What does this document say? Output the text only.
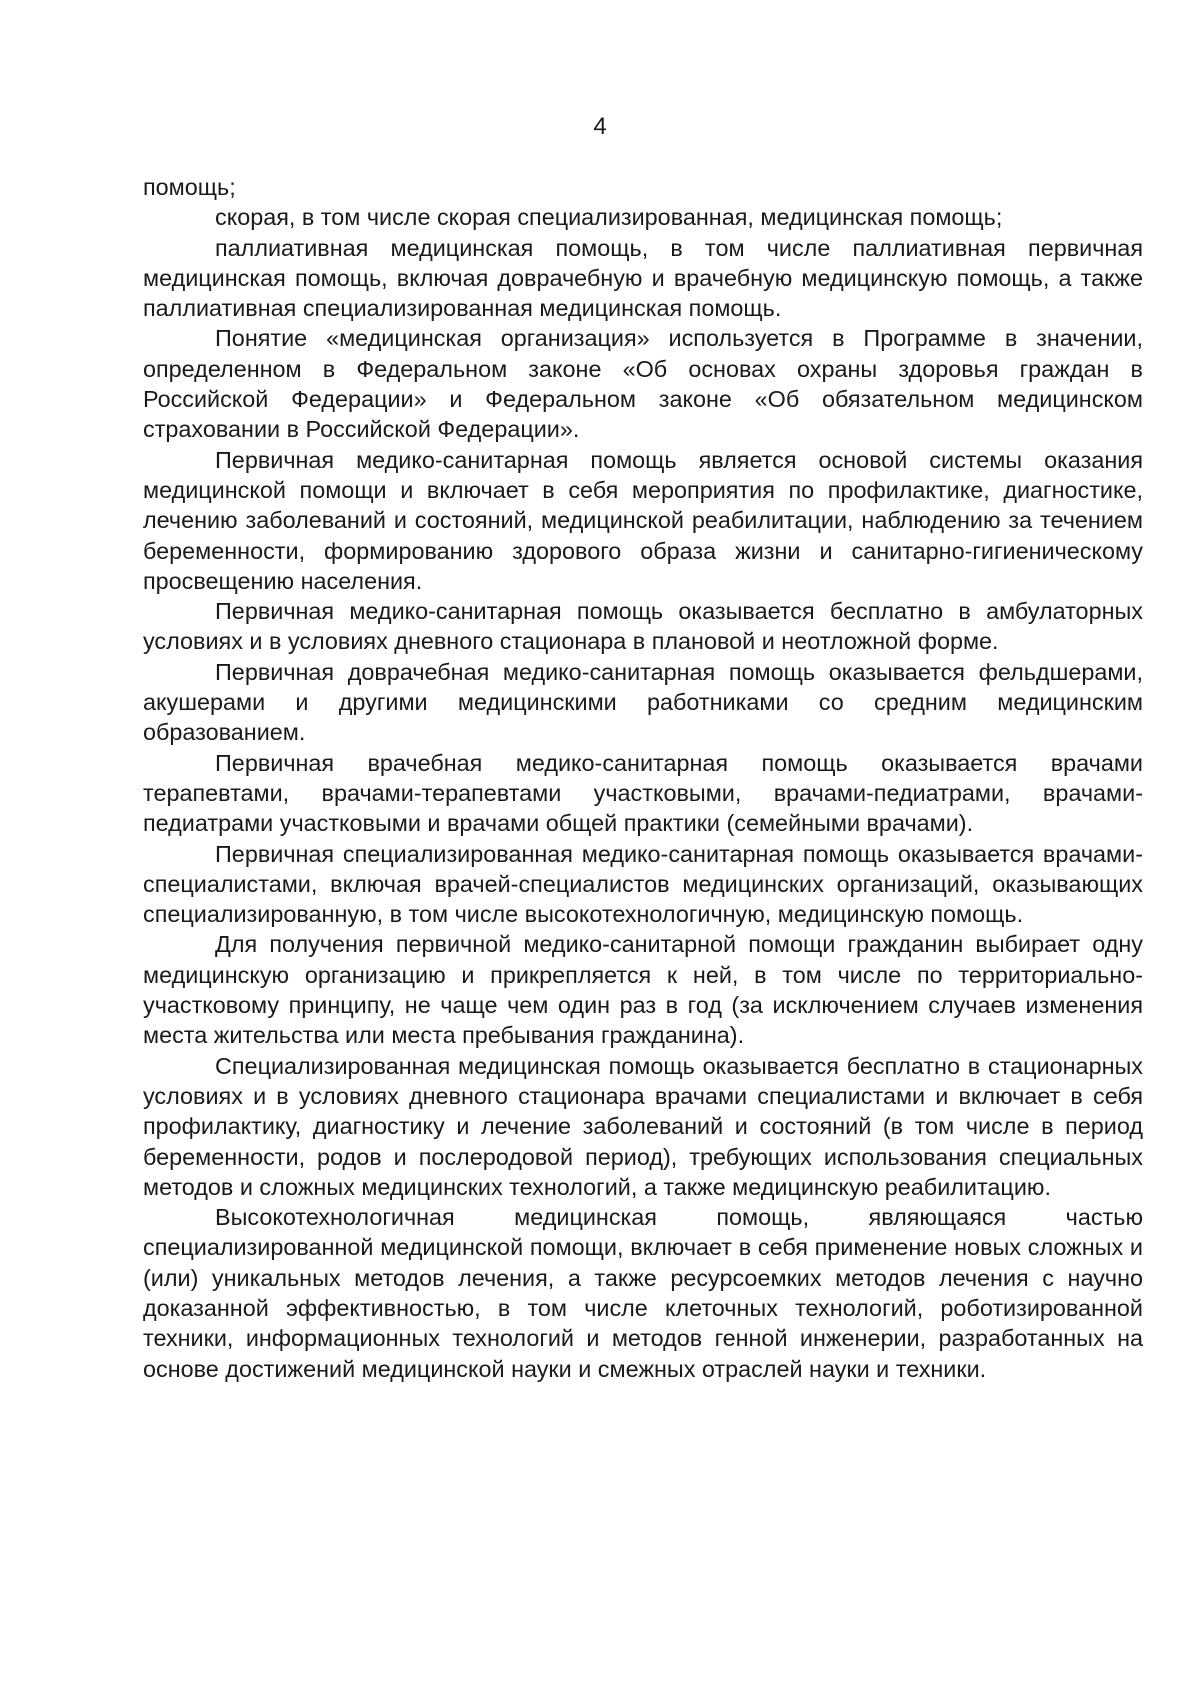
4

помощь;

скорая, в том числе скорая специализированная, медицинская помощь;

паллиативная медицинская помощь, в том числе паллиативная первичная медицинская помощь, включая доврачебную и врачебную медицинскую помощь, а также паллиативная специализированная медицинская помощь.

Понятие «медицинская организация» используется в Программе в значении, определенном в Федеральном законе «Об основах охраны здоровья граждан в Российской Федерации» и Федеральном законе «Об обязательном медицинском страховании в Российской Федерации».

Первичная медико-санитарная помощь является основой системы оказания медицинской помощи и включает в себя мероприятия по профилактике, диагностике, лечению заболеваний и состояний, медицинской реабилитации, наблюдению за течением беременности, формированию здорового образа жизни и санитарно-гигиеническому просвещению населения.

Первичная медико-санитарная помощь оказывается бесплатно в амбулаторных условиях и в условиях дневного стационара в плановой и неотложной форме.

Первичная доврачебная медико-санитарная помощь оказывается фельдшерами, акушерами и другими медицинскими работниками со средним медицинским образованием.

Первичная врачебная медико-санитарная помощь оказывается врачами терапевтами, врачами-терапевтами участковыми, врачами-педиатрами, врачами-педиатрами участковыми и врачами общей практики (семейными врачами).

Первичная специализированная медико-санитарная помощь оказывается врачами-специалистами, включая врачей-специалистов медицинских организаций, оказывающих специализированную, в том числе высокотехнологичную, медицинскую помощь.

Для получения первичной медико-санитарной помощи гражданин выбирает одну медицинскую организацию и прикрепляется к ней, в том числе по территориально-участковому принципу, не чаще чем один раз в год (за исключением случаев изменения места жительства или места пребывания гражданина).

Специализированная медицинская помощь оказывается бесплатно в стационарных условиях и в условиях дневного стационара врачами специалистами и включает в себя профилактику, диагностику и лечение заболеваний и состояний (в том числе в период беременности, родов и послеродовой период), требующих использования специальных методов и сложных медицинских технологий, а также медицинскую реабилитацию.

Высокотехнологичная медицинская помощь, являющаяся частью специализированной медицинской помощи, включает в себя применение новых сложных и (или) уникальных методов лечения, а также ресурсоемких методов лечения с научно доказанной эффективностью, в том числе клеточных технологий, роботизированной техники, информационных технологий и методов генной инженерии, разработанных на основе достижений медицинской науки и смежных отраслей науки и техники.
